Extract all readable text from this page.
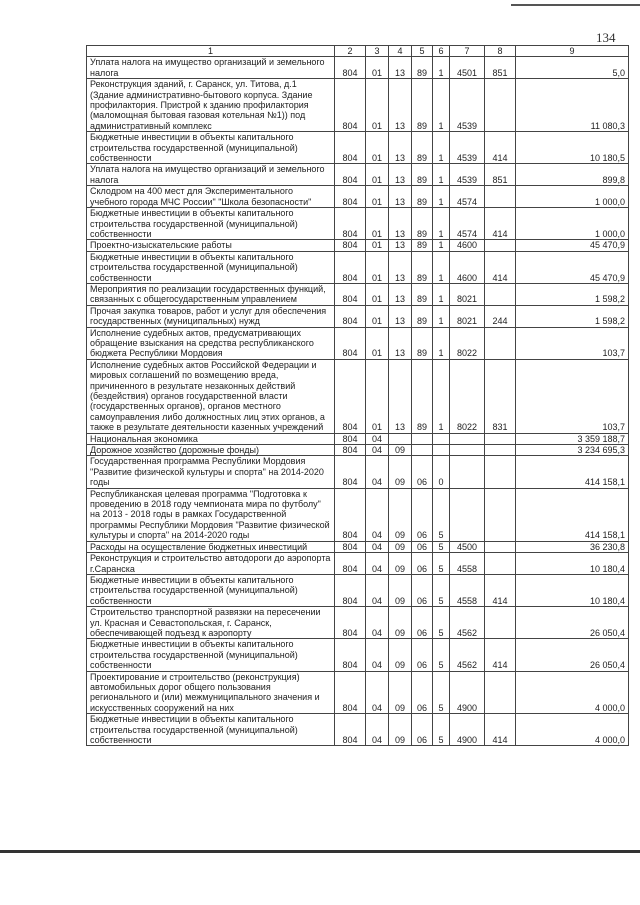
134
1	2	3	4	5	6	7	8	9
Уплата налога на имущество организаций и земельного налога	804	01	13	89	1	4501	851	5,0
Реконструкция зданий, г. Саранск, ул. Титова, д.1 (Здание административно-бытового корпуса. Здание профилактория. Пристрой к зданию профилактория (маломощная бытовая газовая котельная №1)) под административный комплекс	804	01	13	89	1	4539		11 080,3
Бюджетные инвестиции в объекты капитального строительства государственной (муниципальной) собственности	804	01	13	89	1	4539	414	10 180,5
Уплата налога на имущество организаций и земельного налога	804	01	13	89	1	4539	851	899,8
Склодром на 400 мест для Экспериментального учебного города МЧС России" "Школа безопасности"	804	01	13	89	1	4574		1 000,0
Бюджетные инвестиции в объекты капитального строительства государственной (муниципальной) собственности	804	01	13	89	1	4574	414	1 000,0
Проектно-изыскательские работы	804	01	13	89	1	4600		45 470,9
Бюджетные инвестиции в объекты капитального строительства государственной (муниципальной) собственности	804	01	13	89	1	4600	414	45 470,9
Мероприятия по реализации государственных функций, связанных с общегосударственным управлением	804	01	13	89	1	8021		1 598,2
Прочая закупка товаров, работ и услуг для обеспечения государственных (муниципальных) нужд	804	01	13	89	1	8021	244	1 598,2
Исполнение судебных актов, предусматривающих обращение взыскания на средства республиканского бюджета Республики Мордовия	804	01	13	89	1	8022		103,7
Исполнение судебных актов Российской Федерации и мировых соглашений по возмещению вреда, причиненного в результате незаконных действий (бездействия) органов государственной власти (государственных органов), органов местного самоуправления либо должностных лиц этих органов, а также в результате деятельности казенных учреждений	804	01	13	89	1	8022	831	103,7
Национальная экономика	804	04						3 359 188,7
Дорожное хозяйство (дорожные фонды)	804	04	09					3 234 695,3
Государственная программа Республики Мордовия "Развитие физической культуры и спорта" на 2014-2020 годы	804	04	09	06	0			414 158,1
Республиканская целевая программа "Подготовка к проведению в 2018 году чемпионата мира по футболу" на 2013 - 2018 годы в рамках Государственной программы Республики Мордовия "Развитие физической культуры и спорта" на 2014-2020 годы	804	04	09	06	5			414 158,1
Расходы на осуществление бюджетных инвестиций	804	04	09	06	5	4500		36 230,8
Реконструкция и строительство автодороги до аэропорта г.Саранска	804	04	09	06	5	4558		10 180,4
Бюджетные инвестиции в объекты капитального строительства государственной (муниципальной) собственности	804	04	09	06	5	4558	414	10 180,4
Строительство транспортной развязки на пересечении ул. Красная и Севастопольская, г. Саранск, обеспечивающей подъезд к аэропорту	804	04	09	06	5	4562		26 050,4
Бюджетные инвестиции в объекты капитального строительства государственной (муниципальной) собственности	804	04	09	06	5	4562	414	26 050,4
Проектирование и строительство (реконструкция) автомобильных дорог общего пользования регионального и (или) межмуниципального значения и искусственных сооружений на них	804	04	09	06	5	4900		4 000,0
Бюджетные инвестиции в объекты капитального строительства государственной (муниципальной) собственности	804	04	09	06	5	4900	414	4 000,0
